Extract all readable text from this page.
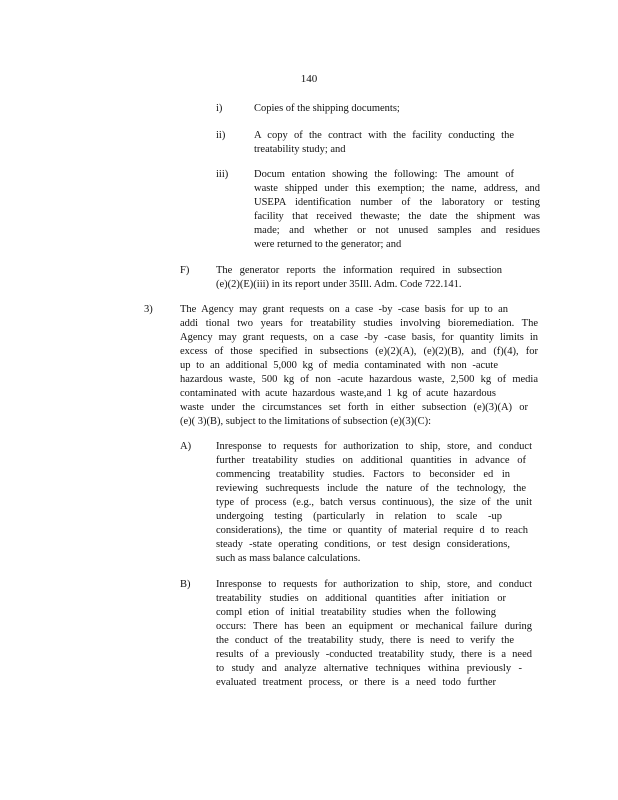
140
i)	Copies of the shipping documents;
ii)	A copy of the contract with the facility conducting the
treatability study; and
iii) Docum entation showing the following: The amount of
waste shipped under this exemption; the name, address, and
USEPA identification number of the laboratory or testing
facility that received thewaste; the date the shipment was
made; and whether or not unused samples and residues
were returned to the generator; and
F)	The generator reports the information required in subsection
(e)(2)(E)(iii) in its report under 35Ill. Adm. Code 722.141.
3)	The Agency may grant requests on a case -by -case basis for up to an
addi tional two years for treatability studies involving bioremediation. The
Agency may grant requests, on a case -by -case basis, for quantity limits in
excess of those specified in subsections (e)(2)(A), (e)(2)(B), and (f)(4), for
up to an additional 5,000 kg of media contaminated with non -acute
hazardous waste, 500 kg of non -acute hazardous waste, 2,500 kg of media
contaminated with acute hazardous waste,and 1 kg of acute hazardous
waste under the circumstances set forth in either subsection (e)(3)(A) or
(e)( 3)(B), subject to the limitations of subsection (e)(3)(C):
A) Inresponse to requests for authorization to ship, store, and conduct
further treatability studies on additional quantities in advance of
commencing treatability studies. Factors to beconsider ed in
reviewing suchrequests include the nature of the technology, the
type of process (e.g., batch versus continuous), the size of the unit
undergoing testing (particularly in relation to scale -up
considerations), the time or quantity of material require d to reach
steady -state operating conditions, or test design considerations,
such as mass balance calculations.
B) Inresponse to requests for authorization to ship, store, and conduct
treatability studies on additional quantities after initiation or
compl etion of initial treatability studies when the following
occurs: There has been an equipment or mechanical failure during
the conduct of the treatability study, there is need to verify the
results of a previously -conducted treatability study, there is a need
to study and analyze alternative techniques withina previously -
evaluated treatment process, or there is a need todo further
